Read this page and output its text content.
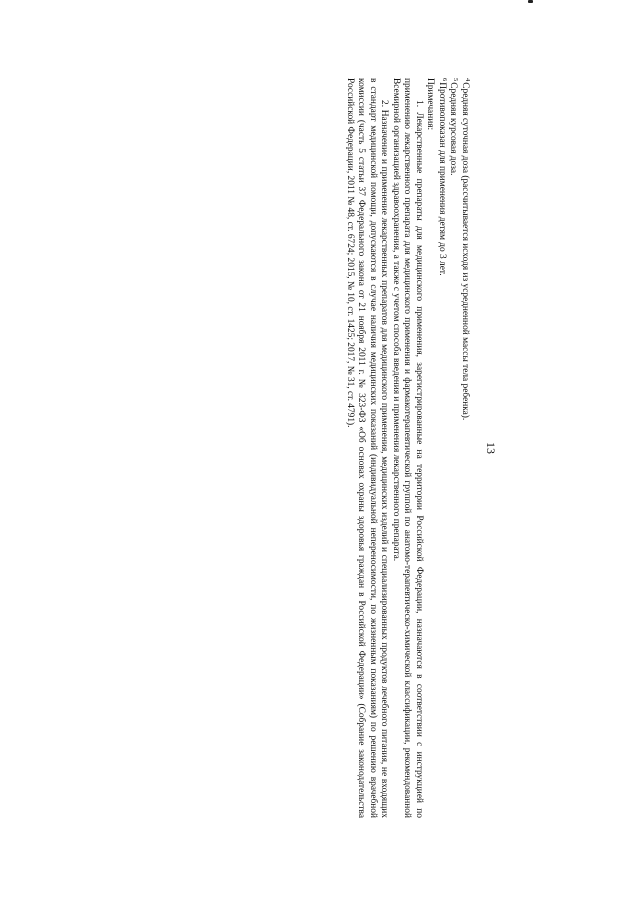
13
$^4$Средняя суточная доза (рассчитывается исходя из усредненной массы тела ребенка).
$^5$Средняя курсовая доза.
$^6$Противопоказан для применения детям до 3 лет.
Примечания:

1. Лекарственные препараты для медицинского применения, зарегистрированные на территории Российской Федерации, назначаются в соответствии с инструкцией по применению лекарственного препарата для медицинского применения и фармакотерапевтической группой по анатомо-терапевтическо-химической классификации, рекомендованной Всемирной организацией здравоохранения, а также с учетом способа введения и применения лекарственного препарата.

2. Назначение и применение лекарственных препаратов для медицинского применения, медицинских изделий и специализированных продуктов лечебного питания, не входящих в стандарт медицинской помощи, допускаются в случае наличия медицинских показаний (индивидуальной непереносимости, по жизненным показаниям) по решению врачебной комиссии (часть 5 статьи 37 Федерального закона от 21 ноября 2011 г. № 323-ФЗ «Об основах охраны здоровья граждан в Российской Федерации» (Собрание законодательства Российской Федерации, 2011 № 48, ст. 6724; 2015, № 10, ст. 1425; 2017, № 31, ст. 4791).
